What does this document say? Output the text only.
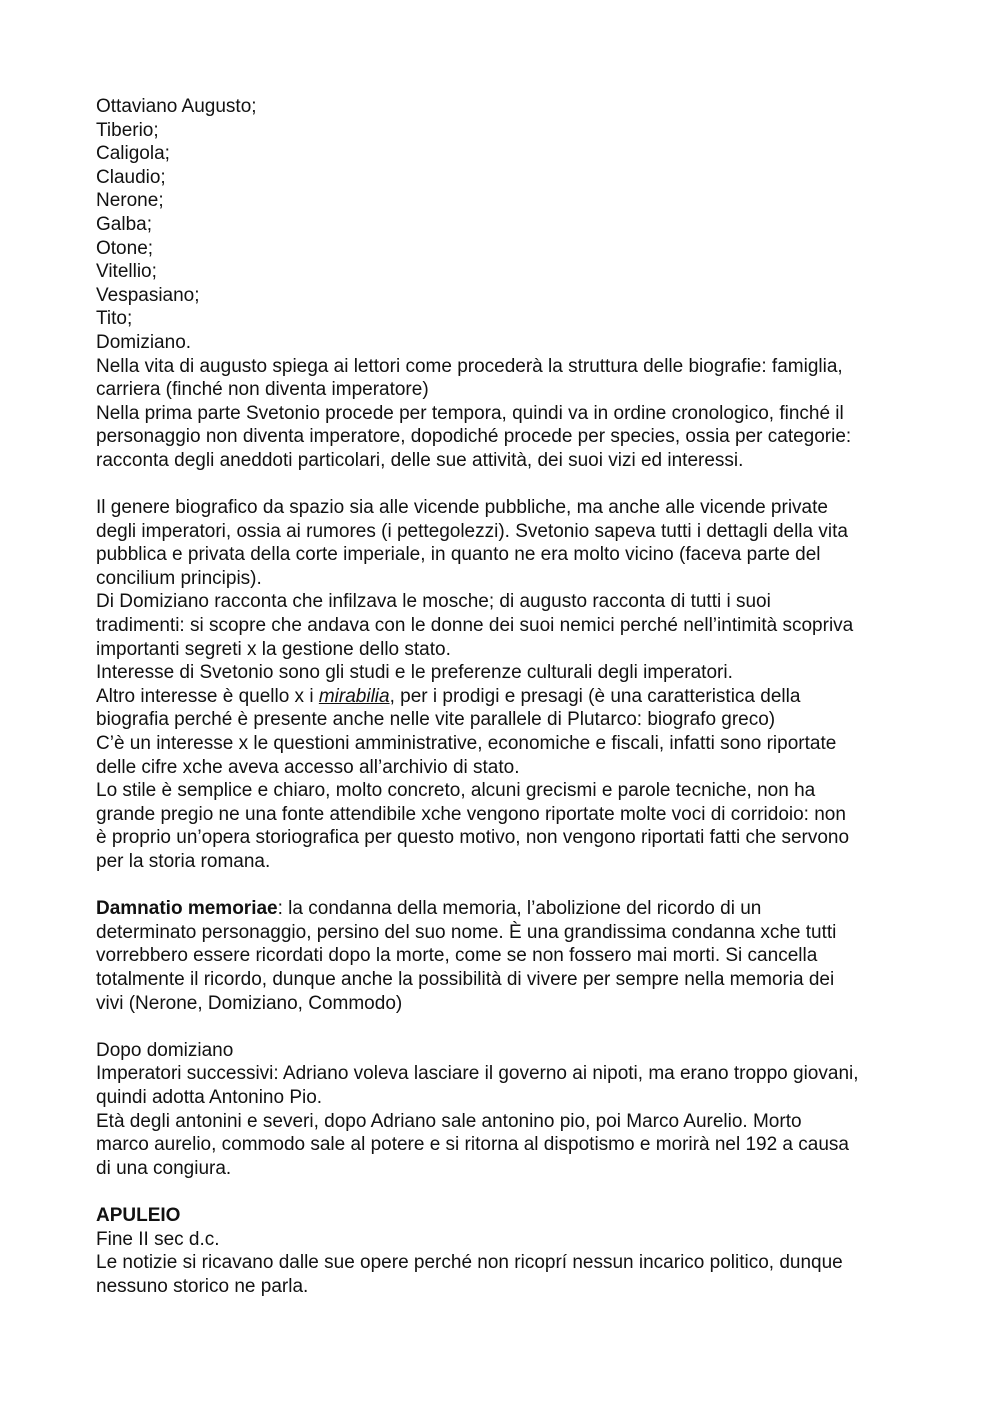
Ottaviano Augusto;
Tiberio;
Caligola;
Claudio;
Nerone;
Galba;
Otone;
Vitellio;
Vespasiano;
Tito;
Domiziano.
Nella vita di augusto spiega ai lettori come procederà la struttura delle biografie: famiglia,
carriera (finché non diventa imperatore)
Nella prima parte Svetonio procede per tempora, quindi va in ordine cronologico, finché il
personaggio non diventa imperatore, dopodiché procede per species, ossia per categorie:
racconta degli aneddoti particolari, delle sue attività, dei suoi vizi ed interessi.
Il genere biografico da spazio sia alle vicende pubbliche, ma anche alle vicende private
degli imperatori, ossia ai rumores (i pettegolezzi). Svetonio sapeva tutti i dettagli della vita
pubblica e privata della corte imperiale, in quanto ne era molto vicino (faceva parte del
concilium principis).
Di Domiziano racconta che infilzava le mosche; di augusto racconta di tutti i suoi
tradimenti: si scopre che andava con le donne dei suoi nemici perché nell’intimità scopriva
importanti segreti x la gestione dello stato.
Interesse di Svetonio sono gli studi e le preferenze culturali degli imperatori.
Altro interesse è quello x i mirabilia, per i prodigi e presagi (è una caratteristica della
biografia perché è presente anche nelle vite parallele di Plutarco: biografo greco)
C’è un interesse x le questioni amministrative, economiche e fiscali, infatti sono riportate
delle cifre xche aveva accesso all’archivio di stato.
Lo stile è semplice e chiaro, molto concreto, alcuni grecismi e parole tecniche, non ha
grande pregio ne una fonte attendibile xche vengono riportate molte voci di corridoio: non
è proprio un’opera storiografica per questo motivo, non vengono riportati fatti che servono
per la storia romana.
Damnatio memoriae: la condanna della memoria, l’abolizione del ricordo di un
determinato personaggio, persino del suo nome. È una grandissima condanna xche tutti
vorrebbero essere ricordati dopo la morte, come se non fossero mai morti. Si cancella
totalmente il ricordo, dunque anche la possibilità di vivere per sempre nella memoria dei
vivi (Nerone, Domiziano, Commodo)
Dopo domiziano
Imperatori successivi: Adriano voleva lasciare il governo ai nipoti, ma erano troppo giovani,
quindi adotta Antonino Pio.
Età degli antonini e severi, dopo Adriano sale antonino pio, poi Marco Aurelio. Morto
marco aurelio, commodo sale al potere e si ritorna al dispotismo e morirà nel 192 a causa
di una congiura.
APULEIO
Fine II sec d.c.
Le notizie si ricavano dalle sue opere perché non ricoprí nessun incarico politico, dunque
nessuno storico ne parla.
